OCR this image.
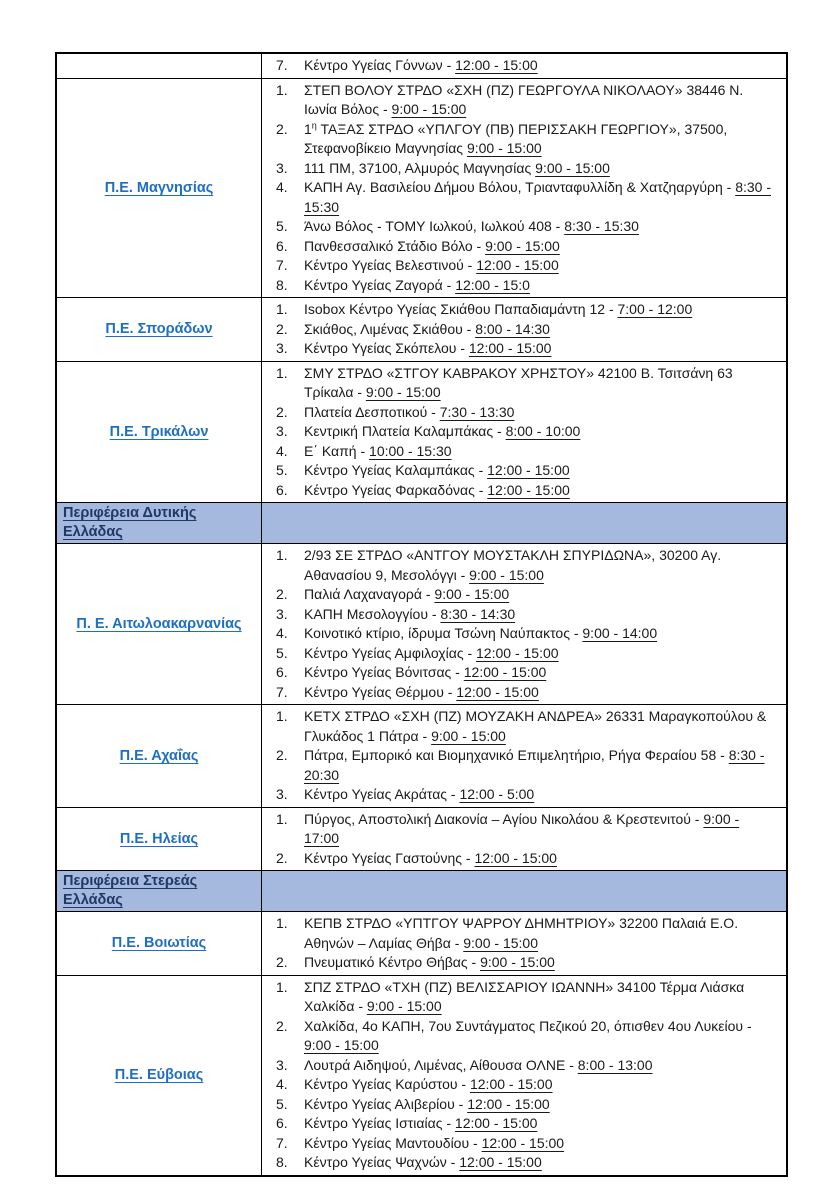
7.	Κέντρο Υγείας Γόννων - 12:00 - 15:00
Π.Ε. Μαγνησίας
1.	ΣΤΕΠ ΒΟΛΟΥ ΣΤΡΔΟ «ΣΧΗ (ΠΖ) ΓΕΩΡΓΟΥΛΑ ΝΙΚΟΛΑΟΥ» 38446 Ν. Ιωνία Βόλος - 9:00 - 15:00
2.	$1^\eta$ ΤΑΞΑΣ ΣΤΡΔΟ «ΥΠΛΓΟΥ (ΠΒ) ΠΕΡΙΣΣΑΚΗ ΓΕΩΡΓΙΟΥ», 37500, Στεφανοβίκειο Μαγνησίας 9:00 - 15:00
3.	111 ΠΜ, 37100, Αλμυρός Μαγνησίας 9:00 - 15:00
4.	ΚΑΠΗ Αγ. Βασιλείου Δήμου Βόλου, Τριανταφυλλίδη & Χατζηαργύρη - 8:30 - 15:30
5.	Άνω Βόλος - ΤΟΜΥ Ιωλκού, Ιωλκού 408 - 8:30 - 15:30
6.	Πανθεσσαλικό Στάδιο Βόλο - 9:00 - 15:00
7.	Κέντρο Υγείας Βελεστινού - 12:00 - 15:00
8.	Κέντρο Υγείας Ζαγορά - 12:00 - 15:0
Π.Ε. Σποράδων
1.	Isobox Κέντρο Υγείας Σκιάθου Παπαδιαμάντη 12 - 7:00 - 12:00
2.	Σκιάθος, Λιμένας Σκιάθου - 8:00 - 14:30
3.	Κέντρο Υγείας Σκόπελου - 12:00 - 15:00
Π.Ε. Τρικάλων
1.	ΣΜΥ ΣΤΡΔΟ «ΣΤΓΟΥ ΚΑΒΡΑΚΟΥ ΧΡΗΣΤΟΥ» 42100 Β. Τσιτσάνη 63 Τρίκαλα - 9:00 - 15:00
2.	Πλατεία Δεσποτικού - 7:30 - 13:30
3.	Κεντρική Πλατεία Καλαμπάκας - 8:00 - 10:00
4.	Ε΄ Καπή - 10:00 - 15:30
5.	Κέντρο Υγείας Καλαμπάκας - 12:00 - 15:00
6.	Κέντρο Υγείας Φαρκαδόνας - 12:00 - 15:00
Περιφέρεια Δυτικής Ελλάδας
Π. Ε. Αιτωλοακαρνανίας
1.	2/93 ΣΕ ΣΤΡΔΟ «ΑΝΤΓΟΥ ΜΟΥΣΤΑΚΛΗ ΣΠΥΡΙΔΩΝΑ», 30200 Αγ. Αθανασίου 9, Μεσολόγγι - 9:00 - 15:00
2.	Παλιά Λαχαναγορά - 9:00 - 15:00
3.	ΚΑΠΗ Μεσολογγίου - 8:30 - 14:30
4.	Κοινοτικό κτίριο, ίδρυμα Τσώνη Ναύπακτος - 9:00 - 14:00
5.	Κέντρο Υγείας Αμφιλοχίας - 12:00 - 15:00
6.	Κέντρο Υγείας Βόνιτσας - 12:00 - 15:00
7.	Κέντρο Υγείας Θέρμου - 12:00 - 15:00
Π.Ε. Αχαΐας
1.	ΚΕΤΧ ΣΤΡΔΟ «ΣΧΗ (ΠΖ) ΜΟΥΖΑΚΗ ΑΝΔΡΕΑ» 26331 Μαραγκοπούλου & Γλυκάδος 1 Πάτρα - 9:00 - 15:00
2.	Πάτρα, Εμπορικό και Βιομηχανικό Επιμελητήριο, Ρήγα Φεραίου 58 - 8:30 - 20:30
3.	Κέντρο Υγείας Ακράτας - 12:00 - 5:00
Π.Ε. Ηλείας
1.	Πύργος, Αποστολική Διακονία – Αγίου Νικολάου & Κρεστενιτού - 9:00 - 17:00
2.	Κέντρο Υγείας Γαστούνης - 12:00 - 15:00
Περιφέρεια Στερεάς Ελλάδας
Π.Ε. Βοιωτίας
1.	ΚΕΠΒ ΣΤΡΔΟ «ΥΠΤΓΟΥ ΨΑΡΡΟΥ ΔΗΜΗΤΡΙΟΥ» 32200 Παλαιά Ε.Ο. Αθηνών – Λαμίας Θήβα - 9:00 - 15:00
2.	Πνευματικό Κέντρο Θήβας - 9:00 - 15:00
Π.Ε. Εύβοιας
1.	ΣΠΖ ΣΤΡΔΟ «ΤΧΗ (ΠΖ) ΒΕΛΙΣΣΑΡΙΟΥ ΙΩΑΝΝΗ» 34100 Τέρμα Λιάσκα Χαλκίδα - 9:00 - 15:00
2.	Χαλκίδα, 4ο ΚΑΠΗ, 7ου Συντάγματος Πεζικού 20, όπισθεν 4ου Λυκείου - 9:00 - 15:00
3.	Λουτρά Αιδηψού, Λιμένας, Αίθουσα ΟΛΝΕ - 8:00 - 13:00
4.	Κέντρο Υγείας Καρύστου - 12:00 - 15:00
5.	Κέντρο Υγείας Αλιβερίου - 12:00 - 15:00
6.	Κέντρο Υγείας Ιστιαίας - 12:00 - 15:00
7.	Κέντρο Υγείας Μαντουδίου - 12:00 - 15:00
8.	Κέντρο Υγείας Ψαχνών - 12:00 - 15:00
